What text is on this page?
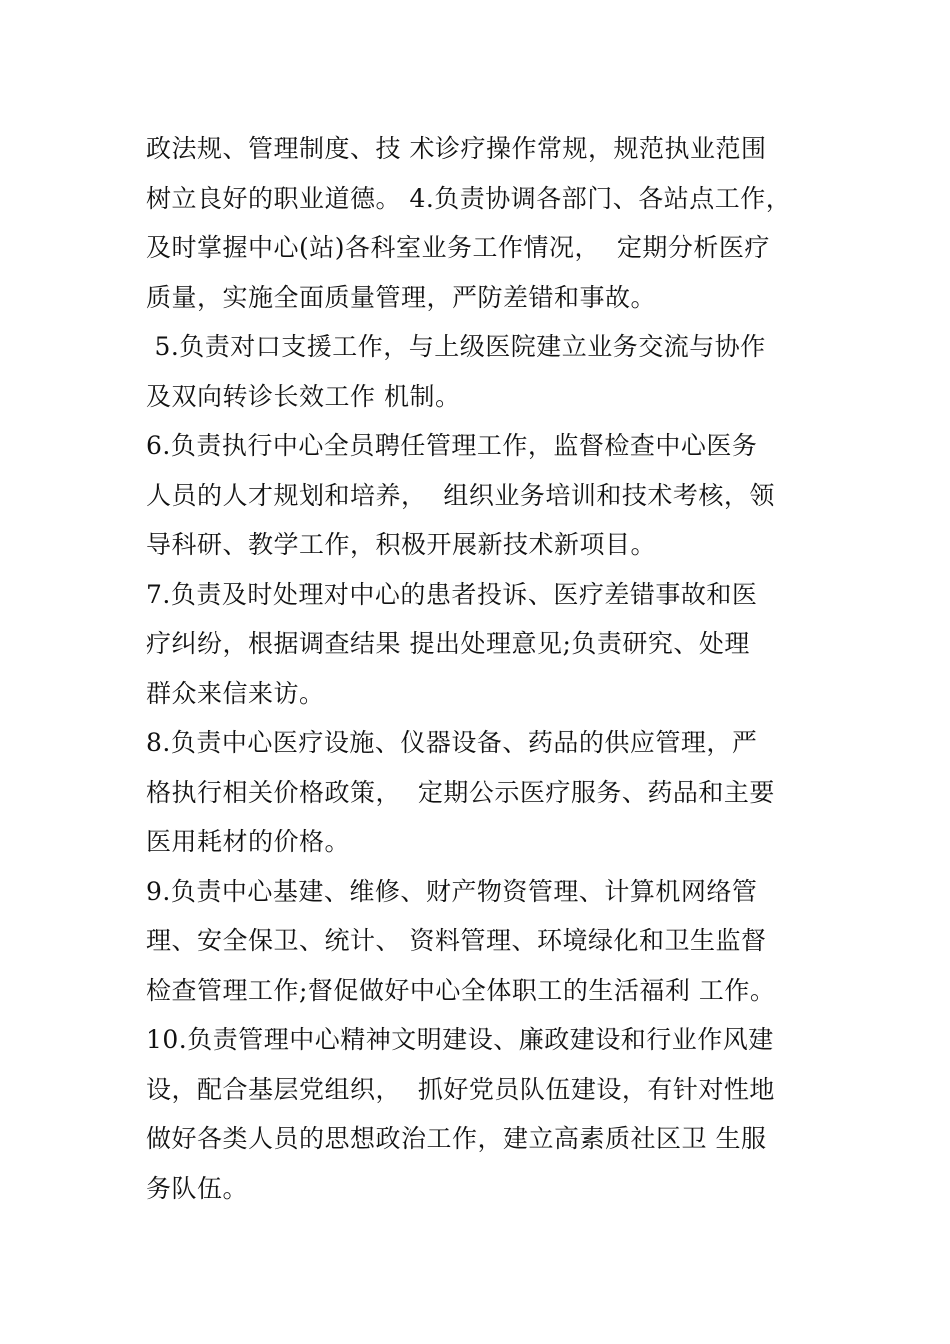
政法规、管理制度、技 术诊疗操作常规，规范执业范围
树立良好的职业道德。 4.负责协调各部门、各站点工作，
及时掌握中心(站)各科室业务工作情况，  定期分析医疗
质量，实施全面质量管理，严防差错和事故。
5.负责对口支援工作，与上级医院建立业务交流与协作
及双向转诊长效工作 机制。
6.负责执行中心全员聘任管理工作，监督检查中心医务
人员的人才规划和培养，  组织业务培训和技术考核，领
导科研、教学工作，积极开展新技术新项目。
7.负责及时处理对中心的患者投诉、医疗差错事故和医
疗纠纷，根据调查结果 提出处理意见;负责研究、处理
群众来信来访。
8.负责中心医疗设施、仪器设备、药品的供应管理，严
格执行相关价格政策，  定期公示医疗服务、药品和主要
医用耗材的价格。
9.负责中心基建、维修、财产物资管理、计算机网络管
理、安全保卫、统计、 资料管理、环境绿化和卫生监督
检查管理工作;督促做好中心全体职工的生活福利 工作。
10.负责管理中心精神文明建设、廉政建设和行业作风建
设，配合基层党组织，  抓好党员队伍建设，有针对性地
做好各类人员的思想政治工作，建立高素质社区卫 生服
务队伍。
